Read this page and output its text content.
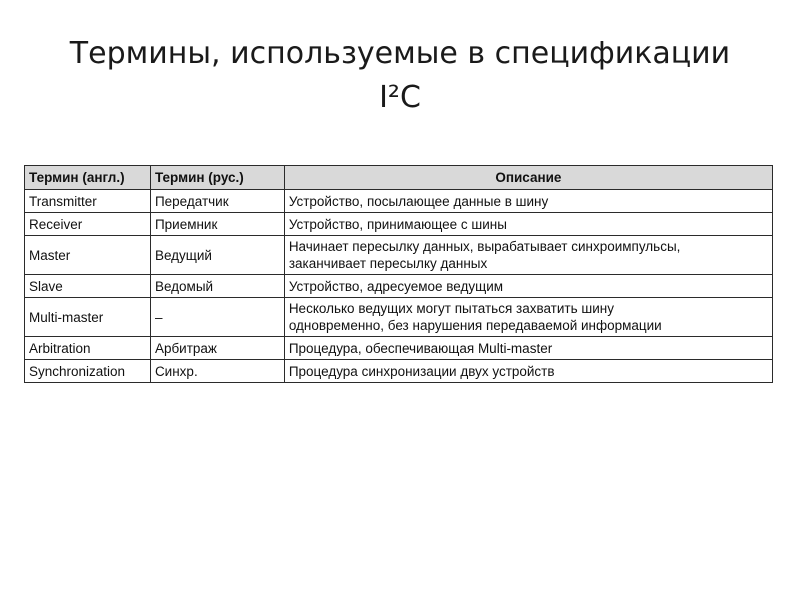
Термины, используемые в спецификации
I²C
Термин (англ.)	Термин (рус.)	Описание
Transmitter	Передатчик	Устройство, посылающее данные в шину
Receiver	Приемник	Устройство, принимающее с шины
Master	Ведущий	Начинает пересылку данных, вырабатывает синхроимпульсы,
заканчивает пересылку данных
Slave	Ведомый	Устройство, адресуемое ведущим
Multi-master	–	Несколько ведущих могут пытаться захватить шину
одновременно, без нарушения передаваемой информации
Arbitration	Арбитраж	Процедура, обеспечивающая Multi-master
Synchronization	Синхр.	Процедура синхронизации двух устройств
